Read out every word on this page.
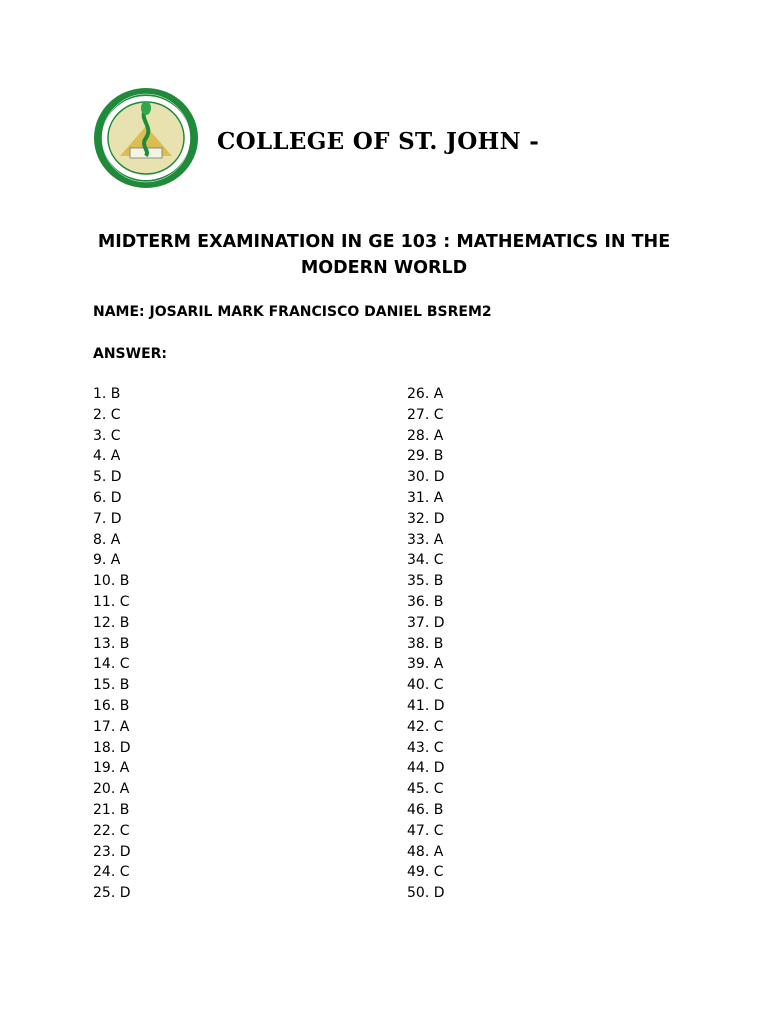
COLLEGE OF ST. JOHN -
MIDTERM EXAMINATION IN GE 103 : MATHEMATICS IN THE MODERN WORLD
NAME: JOSARIL MARK FRANCISCO DANIEL BSREM2
ANSWER:
1. B
2. C
3. C
4. A
5. D
6. D
7. D
8. A
9. A
10. B
11. C
12. B
13. B
14. C
15. B
16. B
17. A
18. D
19. A
20. A
21. B
22. C
23. D
24. C
25. D
26. A
27. C
28. A
29. B
30. D
31. A
32. D
33. A
34. C
35. B
36. B
37. D
38. B
39. A
40. C
41. D
42. C
43. C
44. D
45. C
46. B
47. C
48. A
49. C
50. D
